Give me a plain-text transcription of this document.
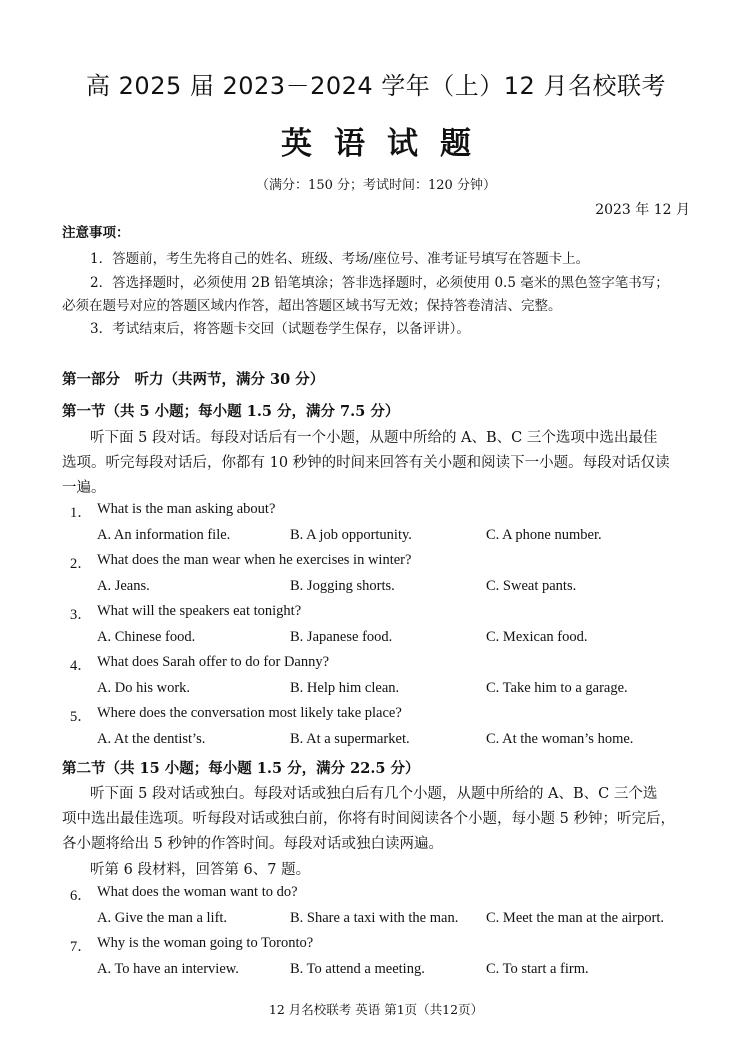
高 2025 届 2023－2024 学年（上）12 月名校联考
英语试题
（满分：150 分；考试时间：120 分钟）
2023 年 12 月
注意事项：
1．答题前，考生先将自己的姓名、班级、考场/座位号、准考证号填写在答题卡上。
2．答选择题时，必须使用 2B 铅笔填涂；答非选择题时，必须使用 0.5 毫米的黑色签字笔书写；
必须在题号对应的答题区域内作答，超出答题区域书写无效；保持答卷清洁、完整。
3．考试结束后，将答题卡交回（试题卷学生保存，以备评讲）。
第一部分　听力（共两节，满分 30 分）
第一节（共 5 小题；每小题 1.5 分，满分 7.5 分）
听下面 5 段对话。每段对话后有一个小题，从题中所给的 A、B、C 三个选项中选出最佳
选项。听完每段对话后，你都有 10 秒钟的时间来回答有关小题和阅读下一小题。每段对话仅读
一遍。
1． What is the man asking about?
A. An information file.	B. A job opportunity.	C. A phone number.
2． What does the man wear when he exercises in winter?
A. Jeans.	B. Jogging shorts.	C. Sweat pants.
3． What will the speakers eat tonight?
A. Chinese food.	B. Japanese food.	C. Mexican food.
4． What does Sarah offer to do for Danny?
A. Do his work.	B. Help him clean.	C. Take him to a garage.
5． Where does the conversation most likely take place?
A. At the dentist’s.	B. At a supermarket.	C. At the woman’s home.
第二节（共 15 小题；每小题 1.5 分，满分 22.5 分）
听下面 5 段对话或独白。每段对话或独白后有几个小题，从题中所给的 A、B、C 三个选
项中选出最佳选项。听每段对话或独白前，你将有时间阅读各个小题，每小题 5 秒钟；听完后，
各小题将给出 5 秒钟的作答时间。每段对话或独白读两遍。
听第 6 段材料，回答第 6、7 题。
6． What does the woman want to do?
A. Give the man a lift.	B. Share a taxi with the man. C. Meet the man at the airport.
7． Why is the woman going to Toronto?
A. To have an interview.	B. To attend a meeting.	C. To start a firm.
12 月名校联考 英语 第1页（共12页）
